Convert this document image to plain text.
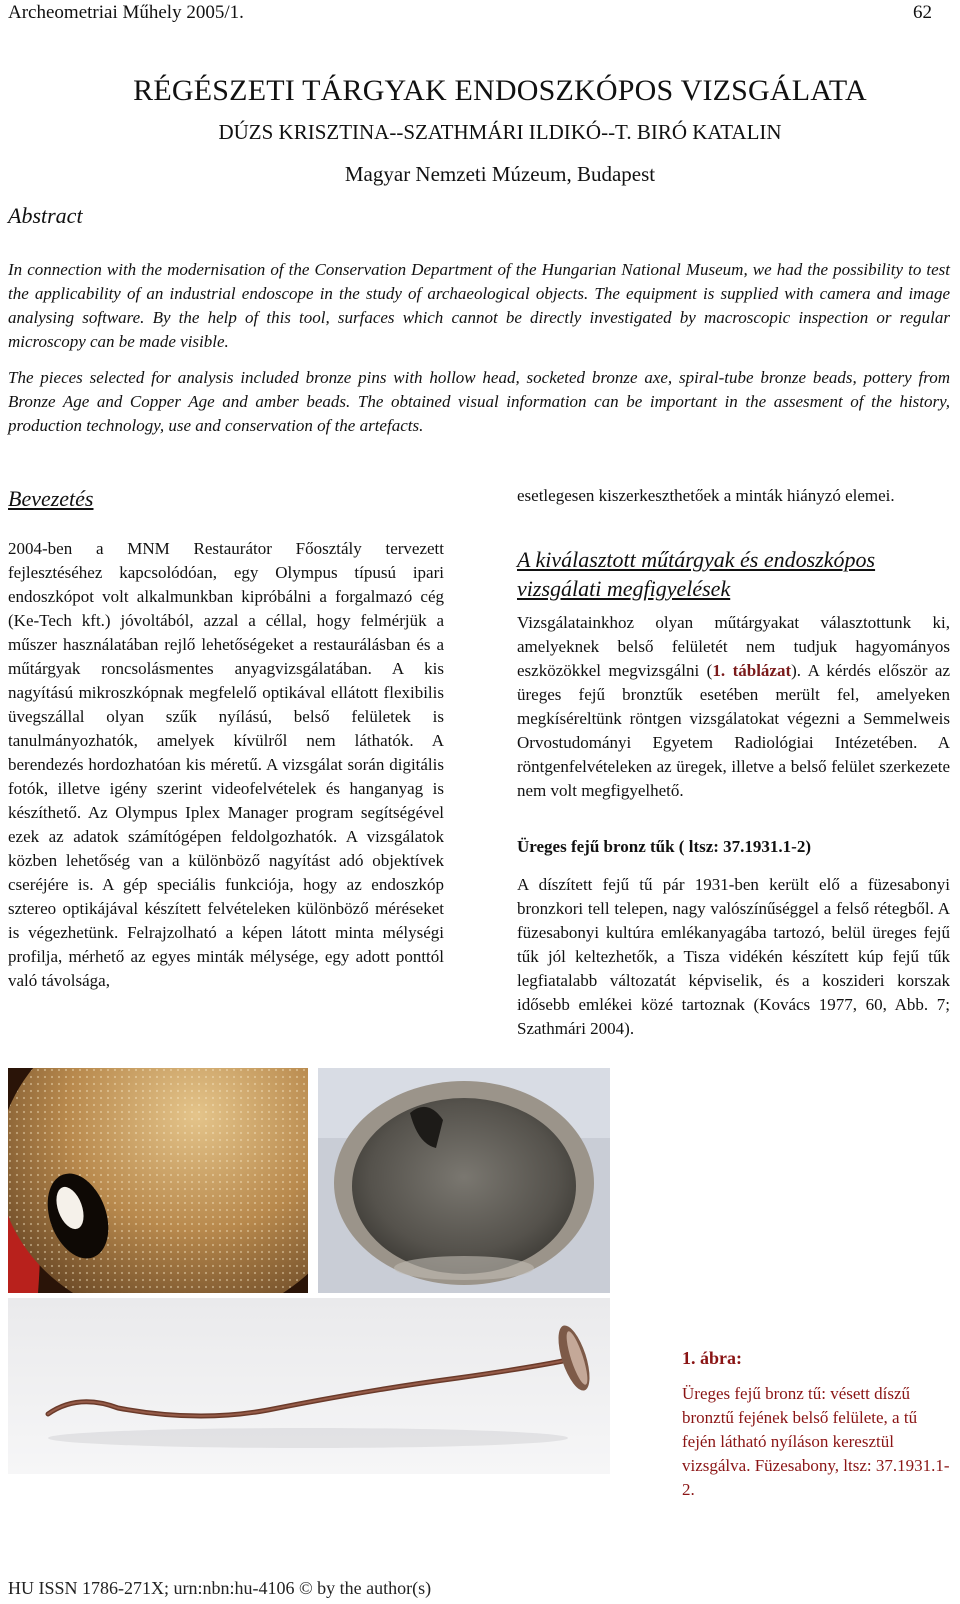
Archeometriai Műhely 2005/1.	62
RÉGÉSZETI TÁRGYAK ENDOSZKÓPOS VIZSGÁLATA
DÚZS KRISZTINA--SZATHMÁRI ILDIKÓ--T. BIRÓ KATALIN
Magyar Nemzeti Múzeum, Budapest
Abstract

In connection with the modernisation of the Conservation Department of the Hungarian National Museum, we had the possibility to test the applicability of an industrial endoscope in the study of archaeological objects. The equipment is supplied with camera and image analysing software. By the help of this tool, surfaces which cannot be directly investigated by macroscopic inspection or regular microscopy can be made visible.

The pieces selected for analysis included bronze pins with hollow head, socketed bronze axe, spiral-tube bronze beads, pottery from Bronze Age and Copper Age and amber beads. The obtained visual information can be important in the assesment of the history, production technology, use and conservation of the artefacts.

Bevezetés

2004-ben a MNM Restaurátor Főosztály tervezett fejlesztéséhez kapcsolódóan, egy Olympus típusú ipari endoszkópot volt alkalmunkban kipróbálni a forgalmazó cég (Ke-Tech kft.) jóvoltából, azzal a céllal, hogy felmérjük a műszer használatában rejlő lehetőségeket a restaurálásban és a műtárgyak roncsolásmentes anyagvizsgálatában. A kis nagyítású mikroszkópnak megfelelő optikával ellátott flexibilis üvegszállal olyan szűk nyílású, belső felületek is tanulmányozhatók, amelyek kívülről nem láthatók. A berendezés hordozhatóan kis méretű. A vizsgálat során digitális fotók, illetve igény szerint videofelvételek és hanganyag is készíthető. Az Olympus Iplex Manager program segítségével ezek az adatok számítógépen feldolgozhatók. A vizsgálatok közben lehetőség van a különböző nagyítást adó objektívek cseréjére is. A gép speciális funkciója, hogy az endoszkóp sztereo optikájával készített felvételeken különböző méréseket is végezhetünk. Felrajzolható a képen látott minta mélységi profilja, mérhető az egyes minták mélysége, egy adott ponttól való távolsága,

esetlegesen kiszerkeszthetőek a minták hiányzó elemei.

A kiválasztott műtárgyak és endoszkópos vizsgálati megfigyelések

Vizsgálatainkhoz olyan műtárgyakat választottunk ki, amelyeknek belső felületét nem tudjuk hagyományos eszközökkel megvizsgálni (1. táblázat). A kérdés először az üreges fejű bronztűk esetében merült fel, amelyeken megkíséreltünk röntgen vizsgálatokat végezni a Semmelweis Orvostudományi Egyetem Radiológiai Intézetében. A röntgenfelvételeken az üregek, illetve a belső felület szerkezete nem volt megfigyelhető.

Üreges fejű bronz tűk ( ltsz: 37.1931.1-2)

A díszített fejű tű pár 1931-ben került elő a füzesabonyi bronzkori tell telepen, nagy valószínűséggel a felső rétegből. A füzesabonyi kultúra emlékanyagába tartozó, belül üreges fejű tűk jól keltezhetők, a Tisza vidékén készített kúp fejű tűk legfiatalabb változatát képviselik, és a koszideri korszak idősebb emlékei közé tartoznak (Kovács 1977, 60, Abb. 7; Szathmári 2004).

1. ábra:

Üreges fejű bronz tű: vésett díszű bronztű fejének belső felülete, a tű fején látható nyíláson keresztül vizsgálva. Füzesabony, ltsz: 37.1931.1-2.

HU ISSN 1786-271X; urn:nbn:hu-4106 © by the author(s)
